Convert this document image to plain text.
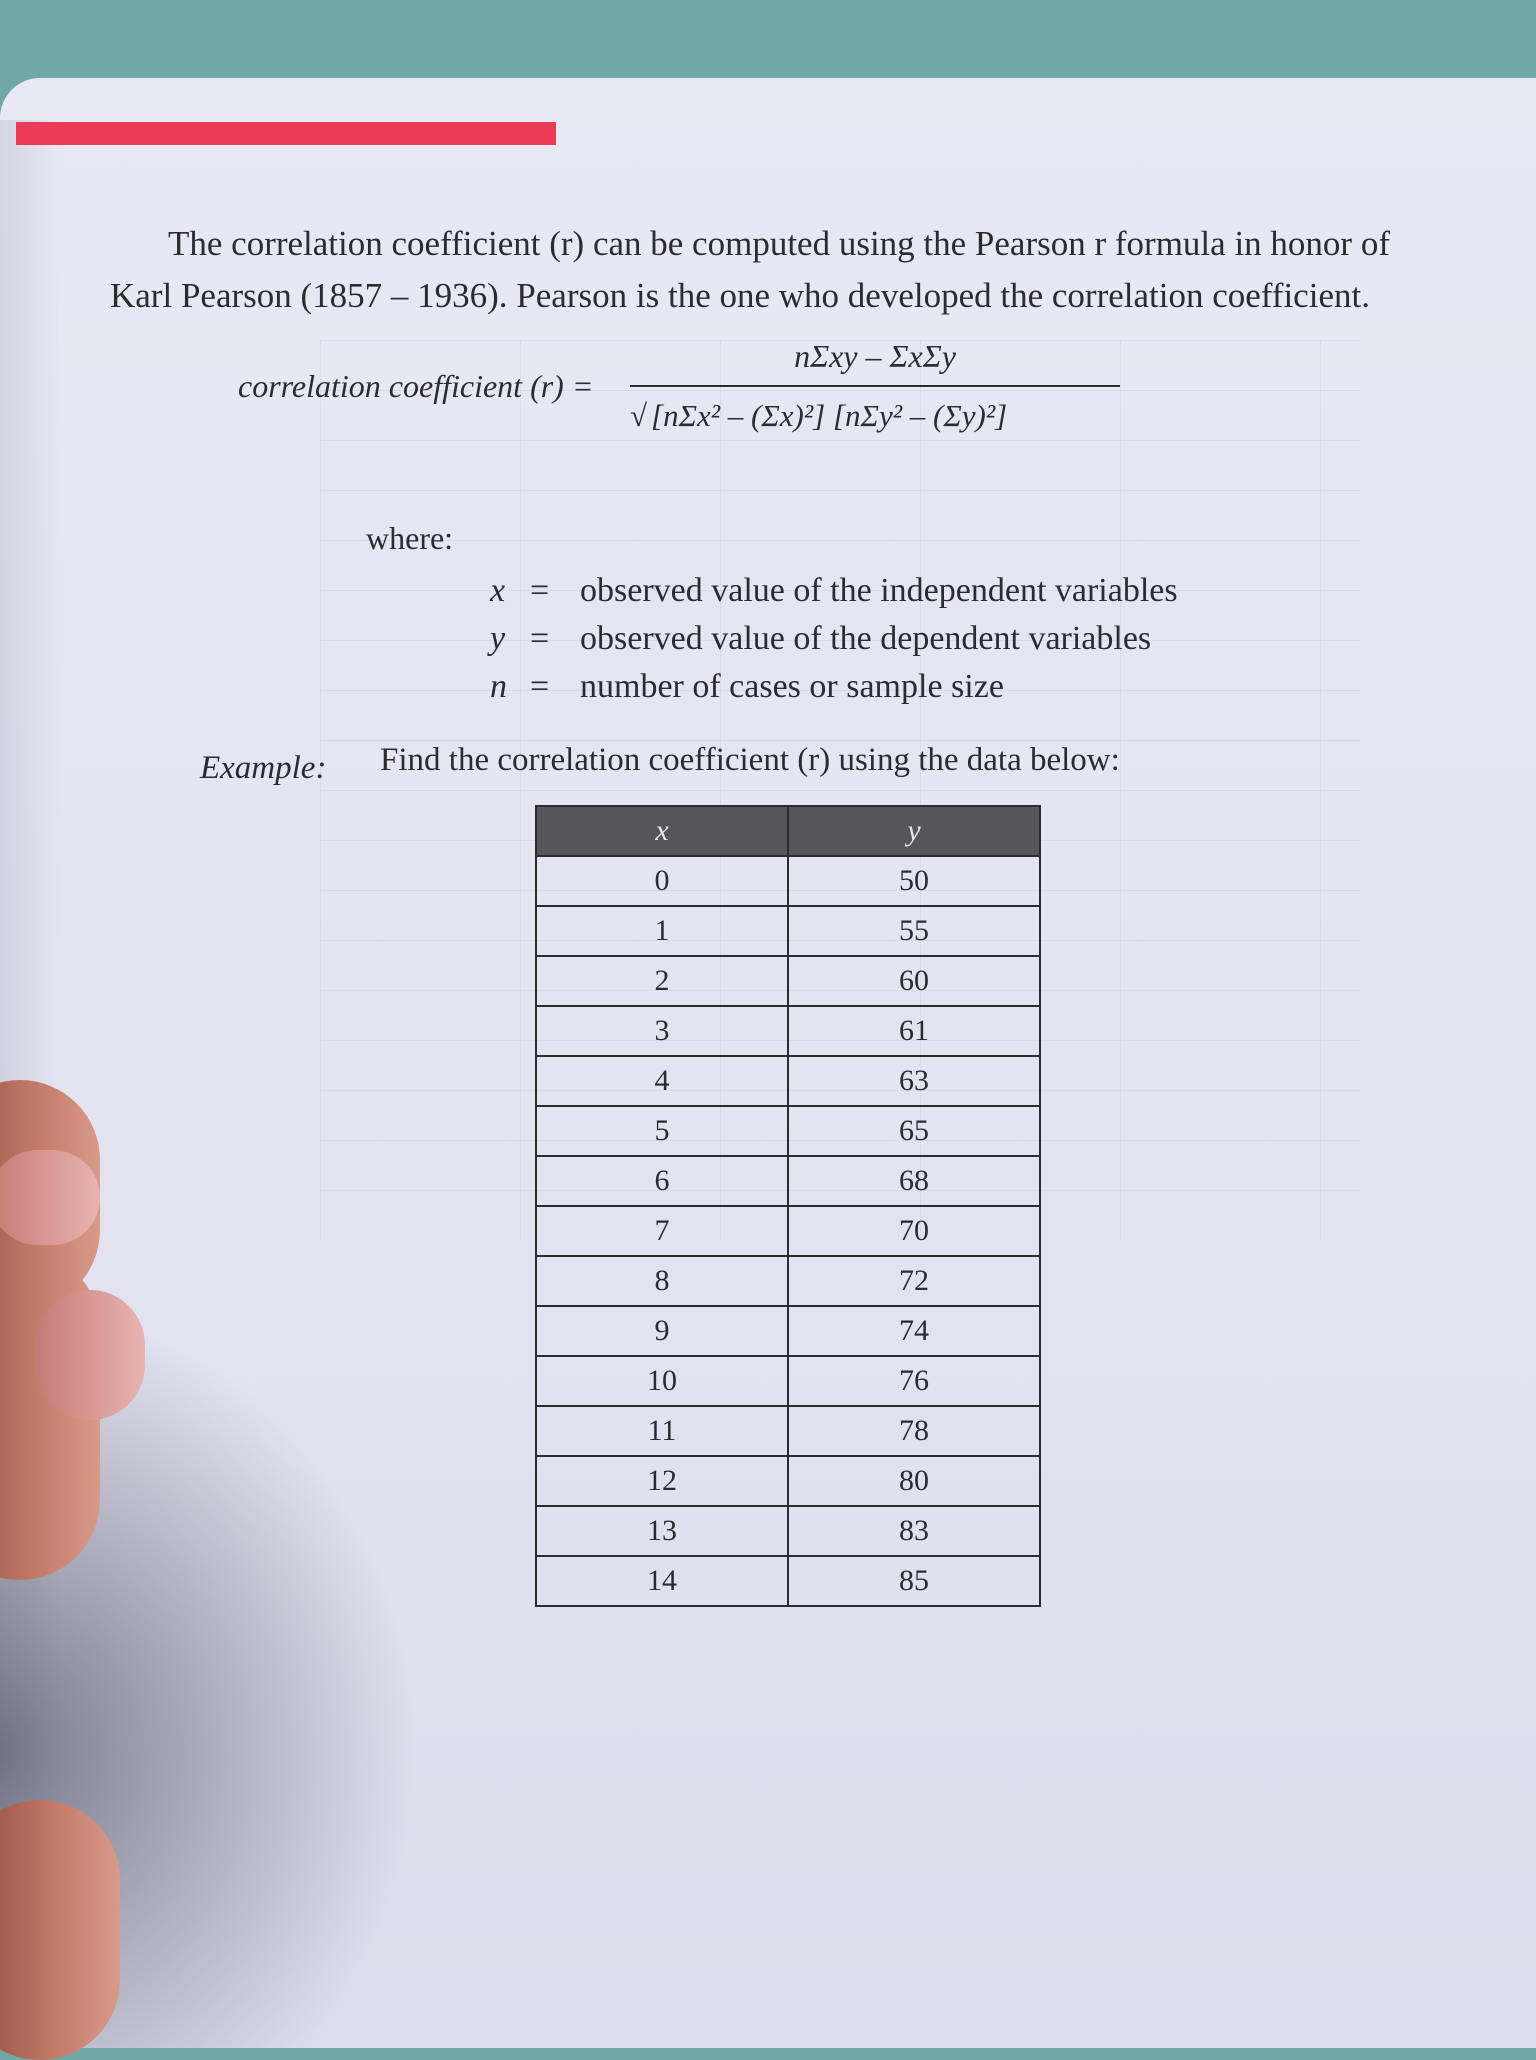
The correlation coefficient (r) can be computed using the Pearson r formula in honor of
Karl Pearson (1857 – 1936). Pearson is the one who developed the correlation coefficient.
correlation coefficient (r) =
nΣxy – ΣxΣy
√ [nΣx² – (Σx)²] [nΣy² – (Σy)²]
where:
x = observed value of the independent variables
y = observed value of the dependent variables
n = number of cases or sample size
Example: Find the correlation coefficient (r) using the data below:
x	y
0	50
1	55
2	60
3	61
4	63
5	65
6	68
7	70
8	72
9	74
10	76
11	78
12	80
13	83
14	85
